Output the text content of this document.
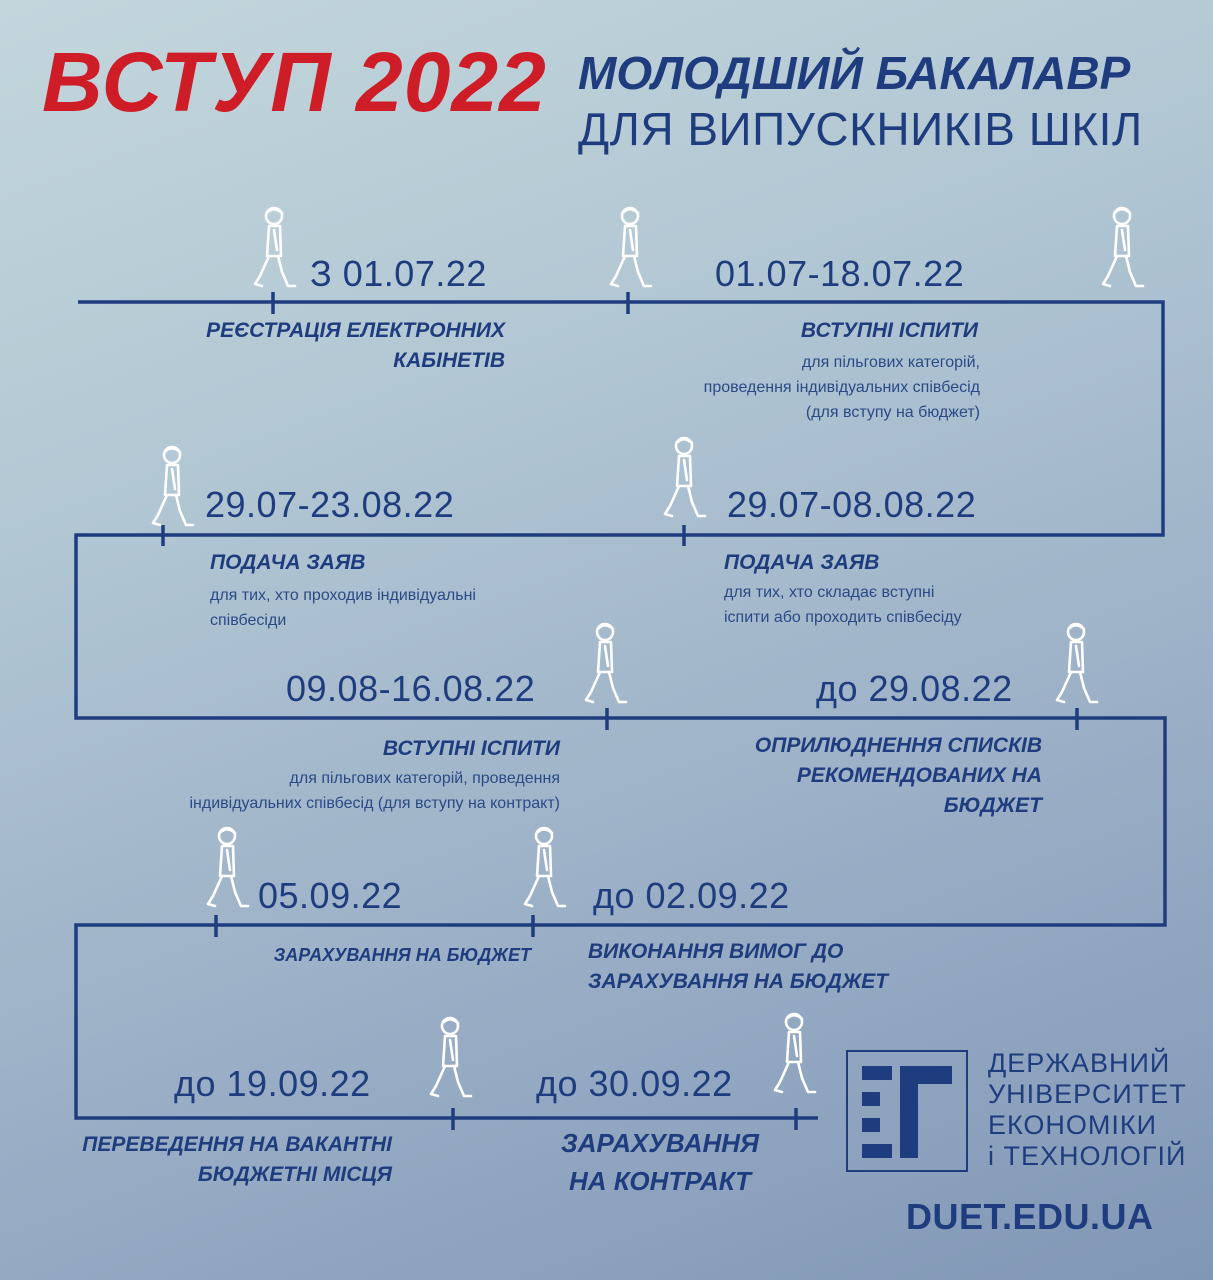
ВСТУП 2022 МОЛОДШИЙ БАКАЛАВР
ДЛЯ ВИПУСКНИКІВ ШКІЛ
З 01.07.22
РЕЄСТРАЦІЯ ЕЛЕКТРОННИХ
КАБІНЕТІВ
01.07-18.07.22
ВСТУПНІ ІСПИТИ
для пільгових категорій,
проведення індивідуальних співбесід
(для вступу на бюджет)
29.07-23.08.22
ПОДАЧА ЗАЯВ
для тих, хто проходив індивідуальні
співбесіди
29.07-08.08.22
ПОДАЧА ЗАЯВ
для тих, хто складає вступні
іспити або проходить співбесіду
09.08-16.08.22
ВСТУПНІ ІСПИТИ
для пільгових категорій, проведення
індивідуальних співбесід (для вступу на контракт)
до 29.08.22
ОПРИЛЮДНЕННЯ СПИСКІВ
РЕКОМЕНДОВАНИХ НА
БЮДЖЕТ
05.09.22
ЗАРАХУВАННЯ НА БЮДЖЕТ
до 02.09.22
ВИКОНАННЯ ВИМОГ ДО
ЗАРАХУВАННЯ НА БЮДЖЕТ
до 19.09.22
ПЕРЕВЕДЕННЯ НА ВАКАНТНІ
БЮДЖЕТНІ МІСЦЯ
до 30.09.22
ЗАРАХУВАННЯ
НА КОНТРАКТ
ДЕРЖАВНИЙ
УНІВЕРСИТЕТ
ЕКОНОМІКИ
і ТЕХНОЛОГІЙ
DUET.EDU.UA
